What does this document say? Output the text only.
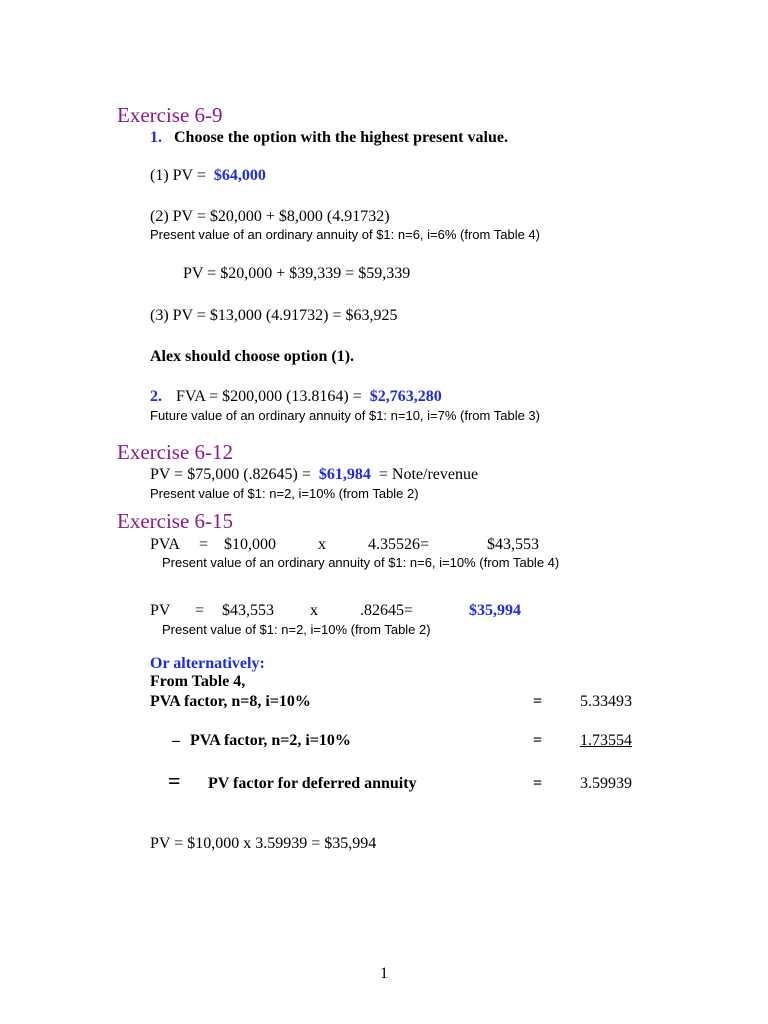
Exercise 6-9
1. Choose the option with the highest present value.
(1) PV = $64,000
(2) PV = $20,000 + $8,000 (4.91732)
Present value of an ordinary annuity of $1: n=6, i=6% (from Table 4)
PV = $20,000 + $39,339 = $59,339
(3) PV = $13,000 (4.91732) = $63,925
Alex should choose option (1).
2. FVA = $200,000 (13.8164) = $2,763,280
Future value of an ordinary annuity of $1: n=10, i=7% (from Table 3)
Exercise 6-12
PV = $75,000 (.82645) = $61,984 = Note/revenue
Present value of $1: n=2, i=10% (from Table 2)
Exercise 6-15
PVA = $10,000	x	4.35526=	$43,553
Present value of an ordinary annuity of $1: n=6, i=10% (from Table 4)
PV = $43,553 x	.82645=	$35,994
Present value of $1: n=2, i=10% (from Table 2)
Or alternatively:
From Table 4,
PVA factor, n=8, i=10%	= 5.33493
– PVA factor, n=2, i=10%	= 1.73554
= PV factor for deferred annuity	= 3.59939
PV = $10,000 x 3.59939 = $35,994
1
